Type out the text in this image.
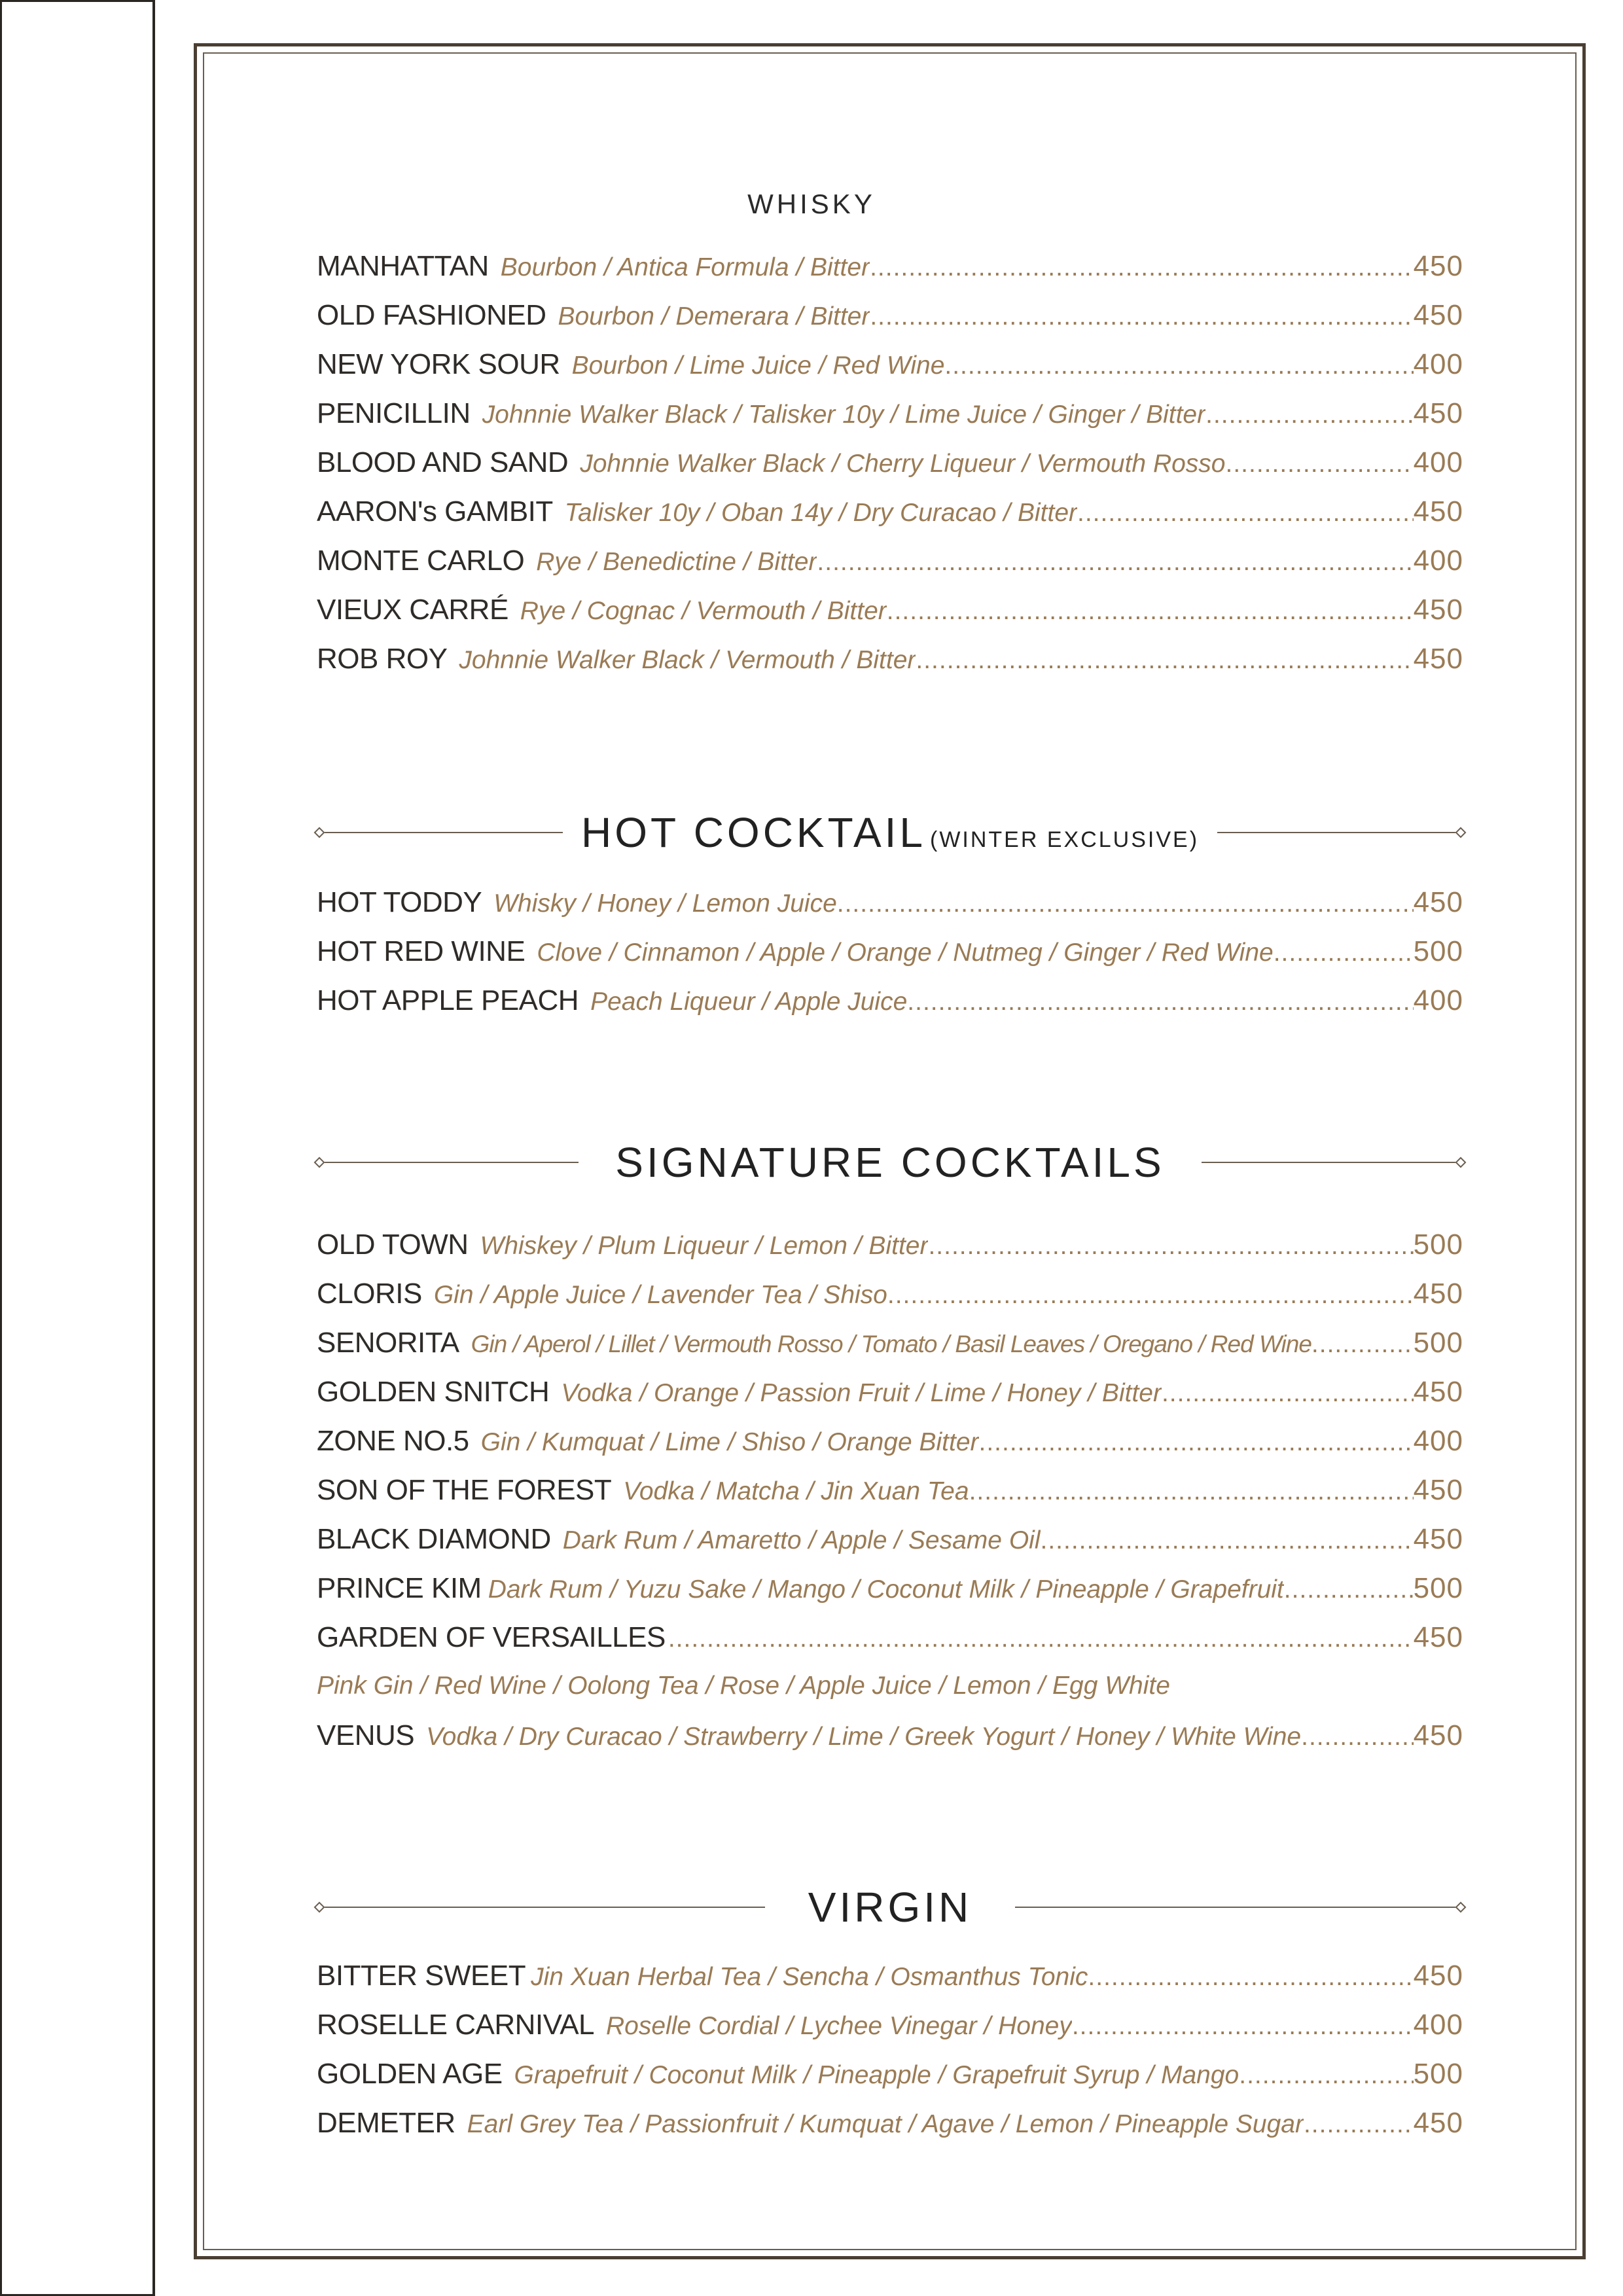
WHISKY
MANHATTAN Bourbon / Antica Formula / Bitter .....	450
OLD FASHIONED Bourbon / Demerara / Bitter .....	450
NEW YORK SOUR Bourbon / Lime Juice / Red Wine .....	400
PENICILLIN Johnnie Walker Black / Talisker 10y / Lime Juice / Ginger / Bitter .....	450
BLOOD AND SAND Johnnie Walker Black / Cherry Liqueur / Vermouth Rosso .....	400
AARON's GAMBIT Talisker 10y / Oban 14y / Dry Curacao / Bitter .....	450
MONTE CARLO Rye / Benedictine / Bitter .....	400
VIEUX CARRÉ Rye / Cognac / Vermouth / Bitter .....	450
ROB ROY Johnnie Walker Black / Vermouth / Bitter .....	450
HOT COCKTAIL (WINTER EXCLUSIVE)
HOT TODDY Whisky / Honey / Lemon Juice .....	450
HOT RED WINE Clove / Cinnamon / Apple / Orange / Nutmeg / Ginger / Red Wine .....	500
HOT APPLE PEACH Peach Liqueur / Apple Juice .....	400
SIGNATURE COCKTAILS
OLD TOWN Whiskey / Plum Liqueur / Lemon / Bitter .....	500
CLORIS Gin / Apple Juice / Lavender Tea / Shiso .....	450
SENORITA Gin / Aperol / Lillet / Vermouth Rosso / Tomato / Basil Leaves / Oregano / Red Wine .....	500
GOLDEN SNITCH Vodka / Orange / Passion Fruit / Lime / Honey / Bitter .....	450
ZONE NO.5 Gin / Kumquat / Lime / Shiso / Orange Bitter .....	400
SON OF THE FOREST Vodka / Matcha / Jin Xuan Tea .....	450
BLACK DIAMOND Dark Rum / Amaretto / Apple / Sesame Oil .....	450
PRINCE KIM Dark Rum / Yuzu Sake / Mango / Coconut Milk / Pineapple / Grapefruit .....	500
GARDEN OF VERSAILLES .....	450
Pink Gin / Red Wine / Oolong Tea / Rose / Apple Juice / Lemon / Egg White
VENUS Vodka / Dry Curacao / Strawberry / Lime / Greek Yogurt / Honey / White Wine .....	450
VIRGIN
BITTER SWEET Jin Xuan Herbal Tea / Sencha / Osmanthus Tonic .....	450
ROSELLE CARNIVAL Roselle Cordial / Lychee Vinegar / Honey .....	400
GOLDEN AGE Grapefruit / Coconut Milk / Pineapple / Grapefruit Syrup / Mango .....	500
DEMETER Earl Grey Tea / Passionfruit / Kumquat / Agave / Lemon / Pineapple Sugar .....	450
